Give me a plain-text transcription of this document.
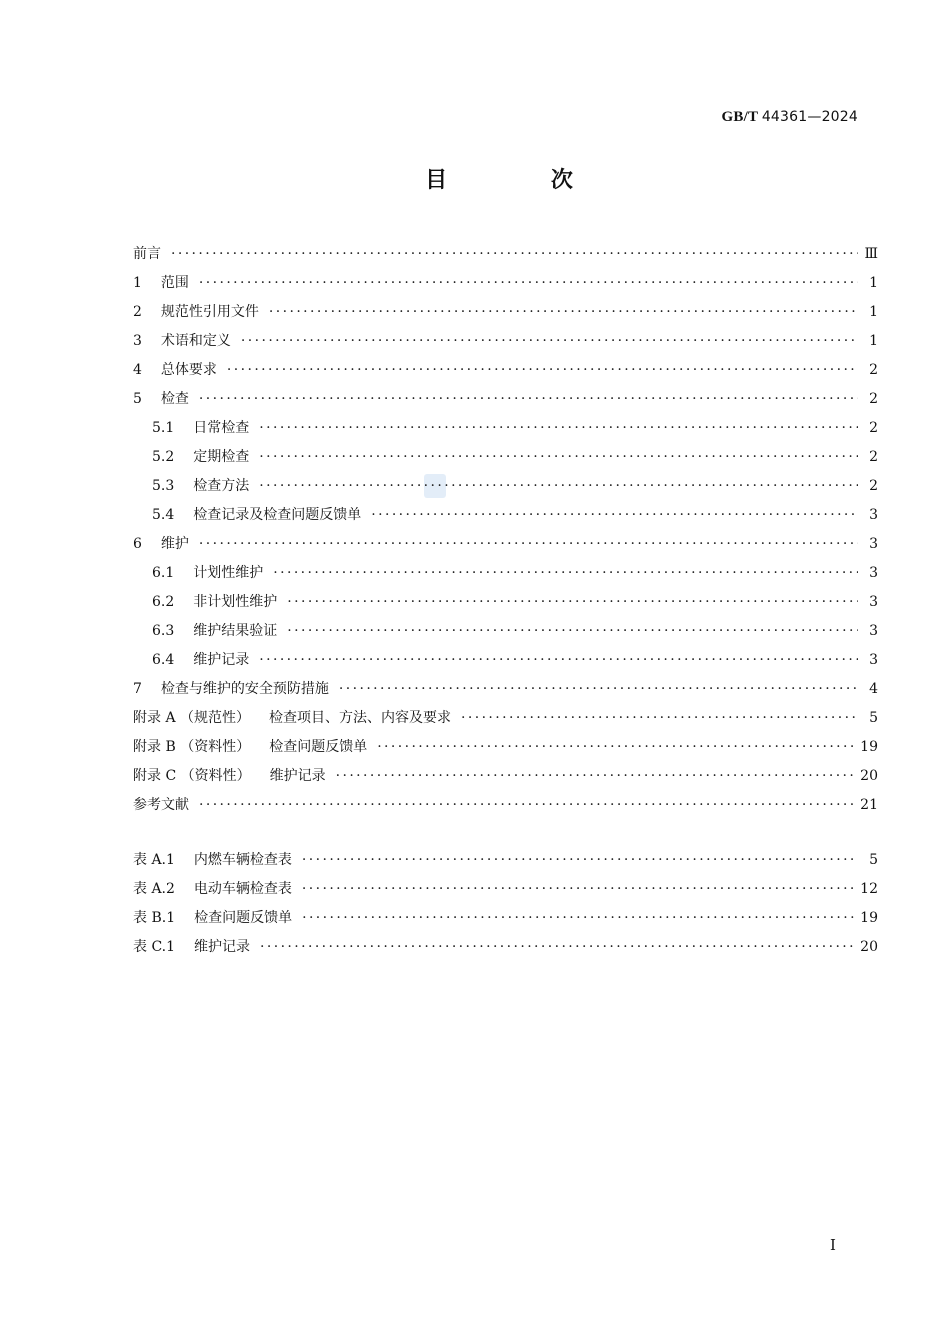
GB/T 44361—2024
目 次
前言 ·····	Ⅲ
1 范围 ·····	1
2 规范性引用文件 ·····	1
3 术语和定义 ·····	1
4 总体要求 ·····	2
5 检查 ·····	2
5.1 日常检查 ·····	2
5.2 定期检查 ·····	2
5.3 检查方法 ·····	2
5.4 检查记录及检查问题反馈单 ·····	3
6 维护 ·····	3
6.1 计划性维护 ·····	3
6.2 非计划性维护 ·····	3
6.3 维护结果验证 ·····	3
6.4 维护记录 ·····	3
7 检查与维护的安全预防措施 ·····	4
附录 A （规范性） 检查项目、方法、内容及要求 ·····	5
附录 B （资料性） 检查问题反馈单 ·····	19
附录 C （资料性） 维护记录 ·····	20
参考文献 ·····	21
表 A.1 内燃车辆检查表 ·····	5
表 A.2 电动车辆检查表 ·····	12
表 B.1 检查问题反馈单 ·····	19
表 C.1 维护记录 ·····	20
Ⅰ
